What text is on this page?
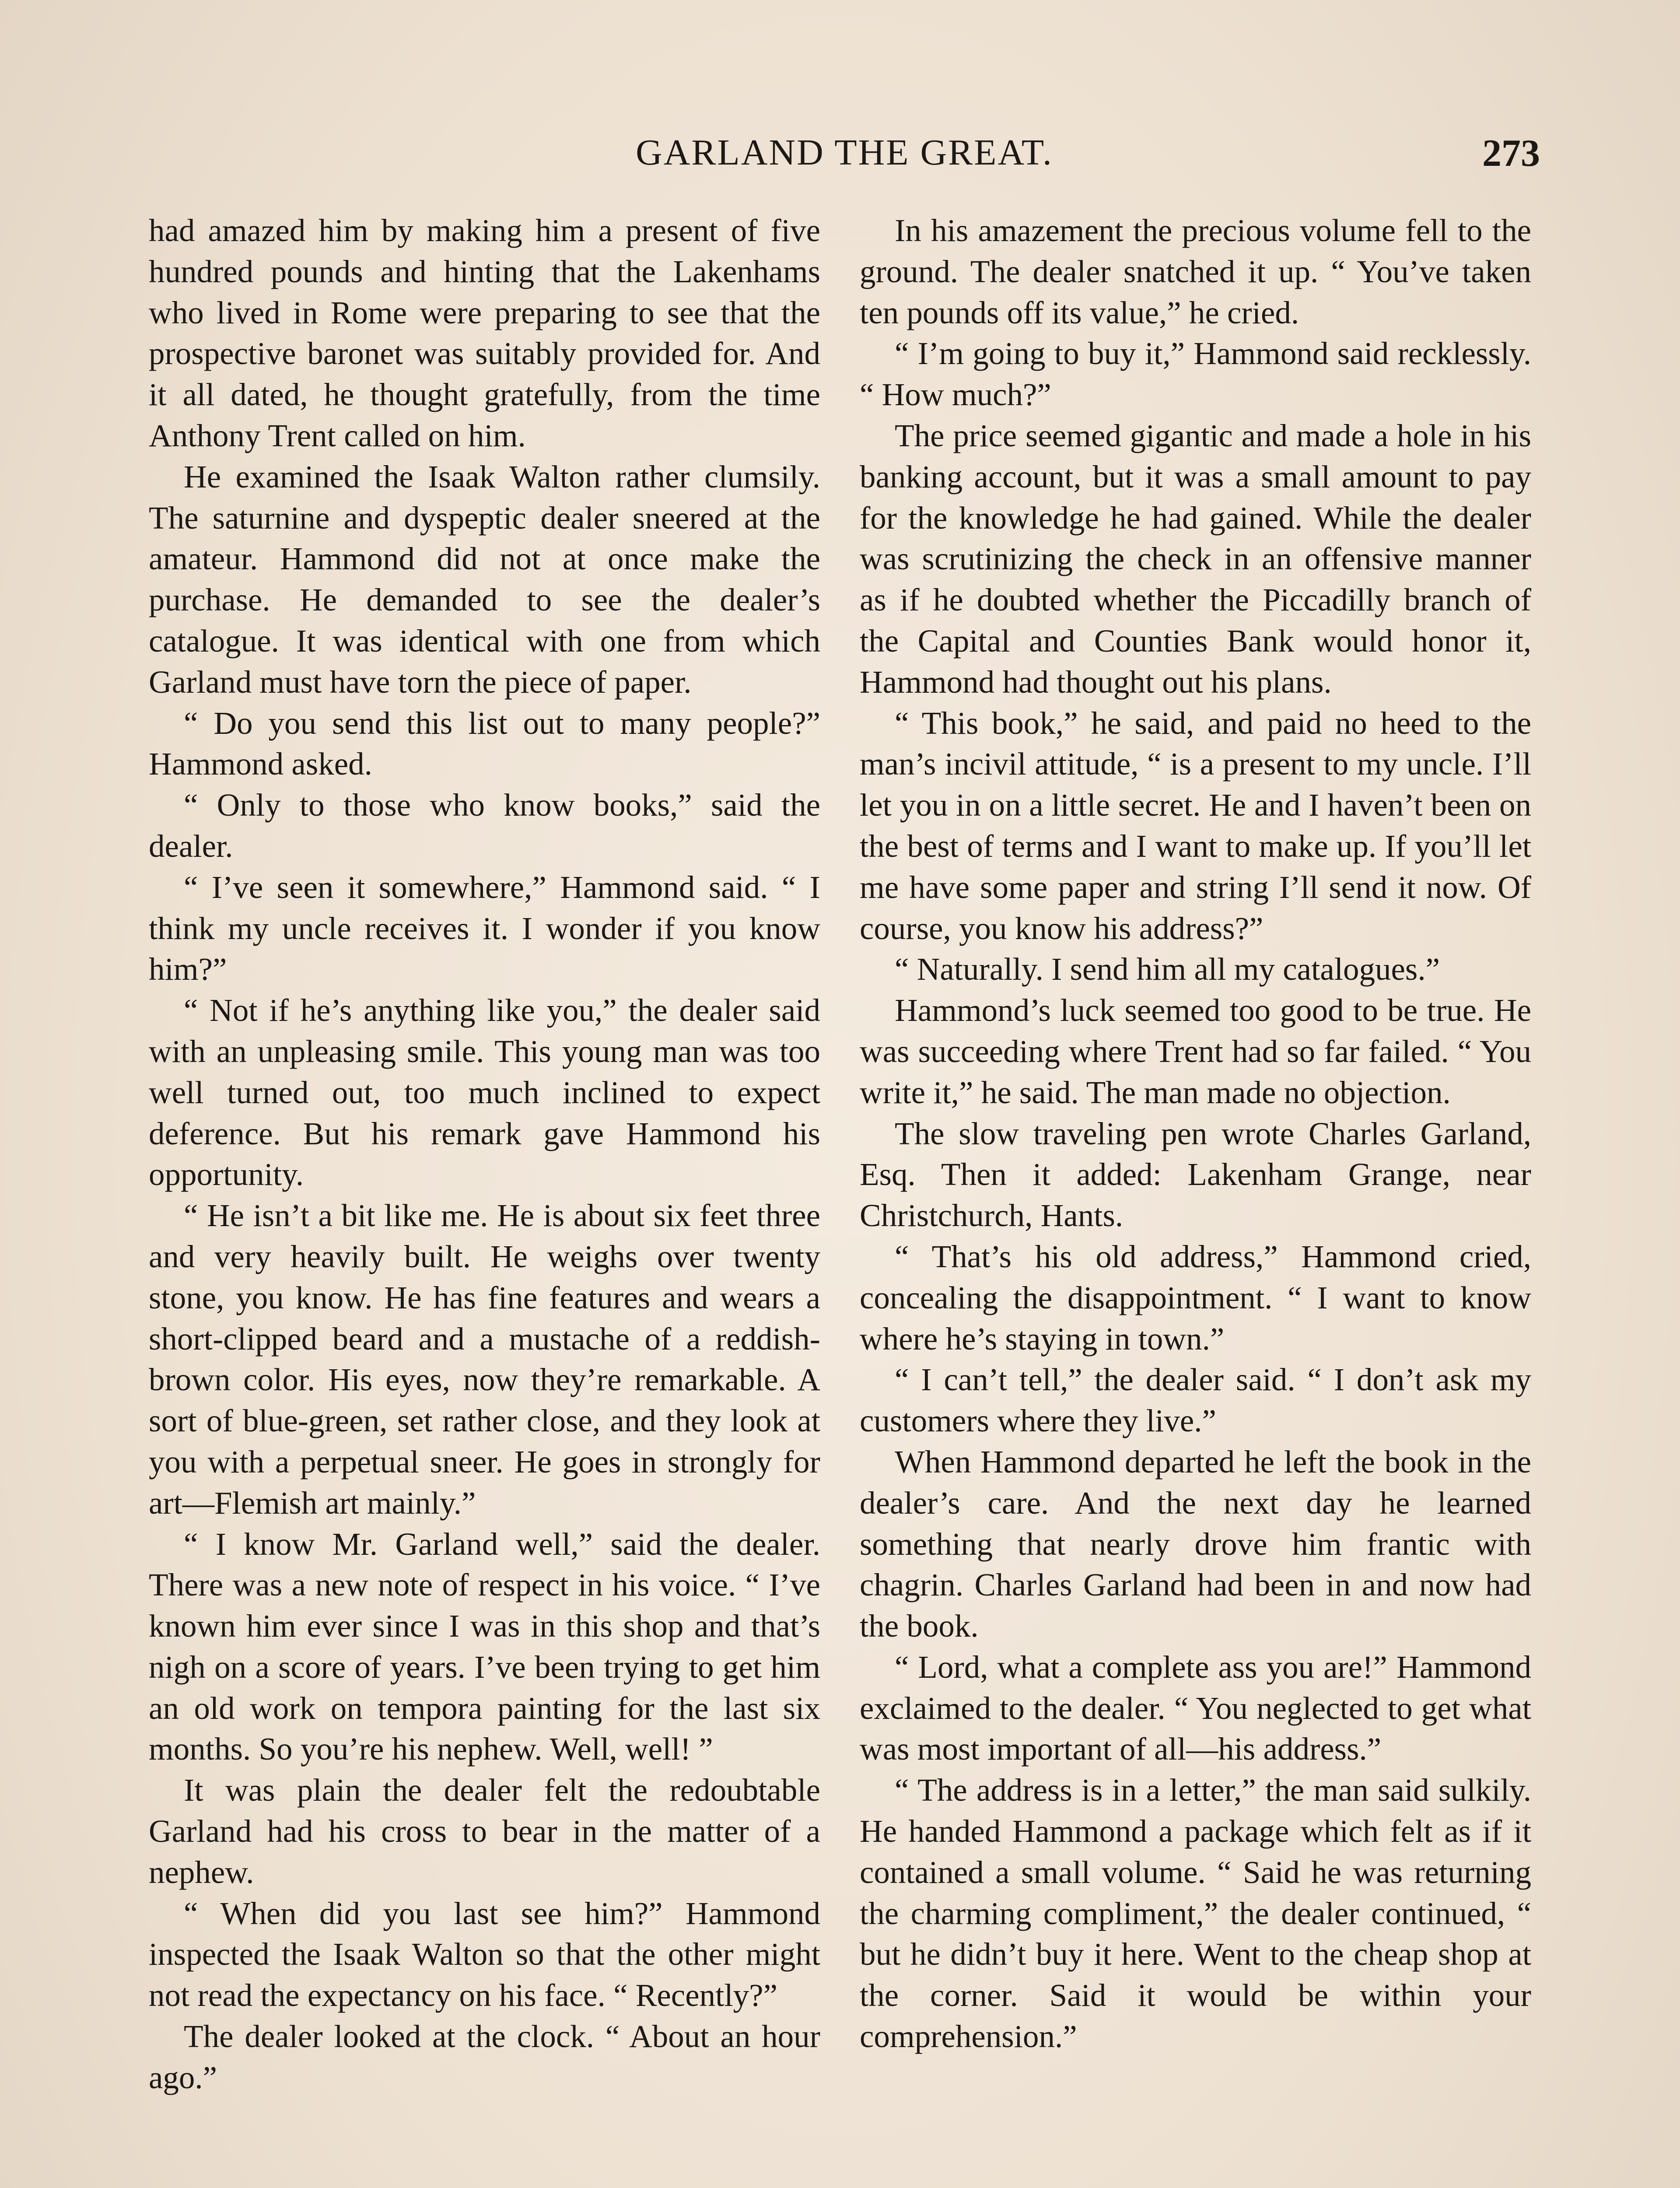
GARLAND THE GREAT.	273

had amazed him by making him a present of five hundred pounds and hinting that the Lakenhams who lived in Rome were preparing to see that the prospective baronet was suitably provided for. And it all dated, he thought gratefully, from the time Anthony Trent called on him.

He examined the Isaak Walton rather clumsily. The saturnine and dyspeptic dealer sneered at the amateur. Hammond did not at once make the purchase. He demanded to see the dealer’s catalogue. It was identical with one from which Garland must have torn the piece of paper.

“ Do you send this list out to many people?” Hammond asked.

“ Only to those who know books,” said the dealer.

“ I’ve seen it somewhere,” Hammond said. “ I think my uncle receives it. I wonder if you know him?”

“ Not if he’s anything like you,” the dealer said with an unpleasing smile. This young man was too well turned out, too much inclined to expect deference. But his remark gave Hammond his opportunity.

“ He isn’t a bit like me. He is about six feet three and very heavily built. He weighs over twenty stone, you know. He has fine features and wears a short-clipped beard and a mustache of a reddish-brown color. His eyes, now they’re remarkable. A sort of blue-green, set rather close, and they look at you with a perpetual sneer. He goes in strongly for art—Flemish art mainly.”

“ I know Mr. Garland well,” said the dealer. There was a new note of respect in his voice. “ I’ve known him ever since I was in this shop and that’s nigh on a score of years. I’ve been trying to get him an old work on tempora painting for the last six months. So you’re his nephew. Well, well! ”

It was plain the dealer felt the redoubtable Garland had his cross to bear in the matter of a nephew.

“ When did you last see him?” Hammond inspected the Isaak Walton so that the other might not read the expectancy on his face. “ Recently?”

The dealer looked at the clock. “ About an hour ago.”

In his amazement the precious volume fell to the ground. The dealer snatched it up. “ You’ve taken ten pounds off its value,” he cried.

“ I’m going to buy it,” Hammond said recklessly. “ How much?”

The price seemed gigantic and made a hole in his banking account, but it was a small amount to pay for the knowledge he had gained. While the dealer was scrutinizing the check in an offensive manner as if he doubted whether the Piccadilly branch of the Capital and Counties Bank would honor it, Hammond had thought out his plans.

“ This book,” he said, and paid no heed to the man’s incivil attitude, “ is a present to my uncle. I’ll let you in on a little secret. He and I haven’t been on the best of terms and I want to make up. If you’ll let me have some paper and string I’ll send it now. Of course, you know his address?”

“ Naturally. I send him all my catalogues.”

Hammond’s luck seemed too good to be true. He was succeeding where Trent had so far failed. “ You write it,” he said. The man made no objection.

The slow traveling pen wrote Charles Garland, Esq. Then it added: Lakenham Grange, near Christchurch, Hants.

“ That’s his old address,” Hammond cried, concealing the disappointment. “ I want to know where he’s staying in town.”

“ I can’t tell,” the dealer said. “ I don’t ask my customers where they live.”

When Hammond departed he left the book in the dealer’s care. And the next day he learned something that nearly drove him frantic with chagrin. Charles Garland had been in and now had the book.

“ Lord, what a complete ass you are!” Hammond exclaimed to the dealer. “ You neglected to get what was most important of all—his address.”

“ The address is in a letter,” the man said sulkily. He handed Hammond a package which felt as if it contained a small volume. “ Said he was returning the charming compliment,” the dealer continued, “ but he didn’t buy it here. Went to the cheap shop at the corner. Said it would be within your comprehension.”
